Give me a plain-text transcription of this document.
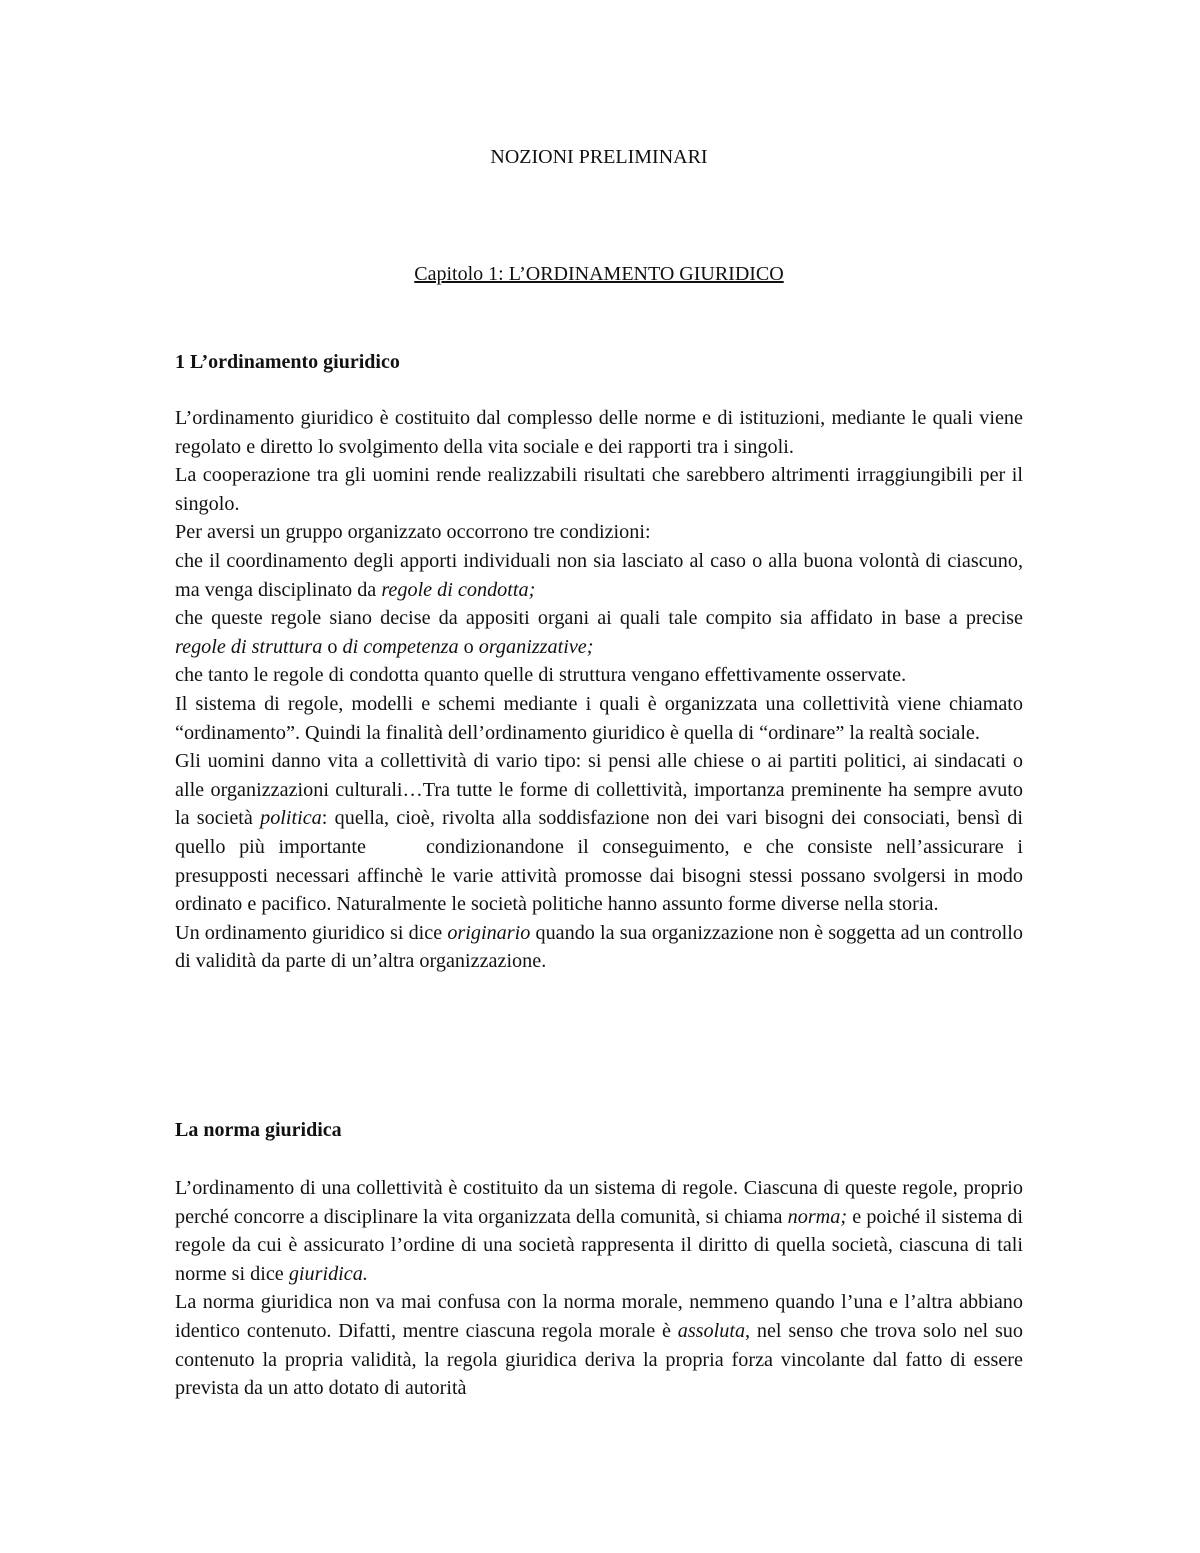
NOZIONI PRELIMINARI
Capitolo 1: L’ORDINAMENTO GIURIDICO
1 L’ordinamento giuridico

L’ordinamento giuridico è costituito dal complesso delle norme e di istituzioni, mediante le quali viene regolato e diretto lo svolgimento della vita sociale e dei rapporti tra i singoli.

La cooperazione tra gli uomini rende realizzabili risultati che sarebbero altrimenti irraggiungibili per il singolo.

Per aversi un gruppo organizzato occorrono tre condizioni:

che il coordinamento degli apporti individuali non sia lasciato al caso o alla buona volontà di ciascuno, ma venga disciplinato da regole di condotta;

che queste regole siano decise da appositi organi ai quali tale compito sia affidato in base a precise regole di struttura o di competenza o organizzative;

che tanto le regole di condotta quanto quelle di struttura vengano effettivamente osservate.

Il sistema di regole, modelli e schemi mediante i quali è organizzata una collettività viene chiamato “ordinamento”. Quindi la finalità dell’ordinamento giuridico è quella di “ordinare” la realtà sociale.

Gli uomini danno vita a collettività di vario tipo: si pensi alle chiese o ai partiti politici, ai sindacati o alle organizzazioni culturali…Tra tutte le forme di collettività, importanza preminente ha sempre avuto la società politica: quella, cioè, rivolta alla soddisfazione non dei vari bisogni dei consociati, bensì di quello più importante	condizionandone il conseguimento, e che consiste nell’assicurare i presupposti necessari affinchè le varie attività promosse dai bisogni stessi possano svolgersi in modo ordinato e pacifico. Naturalmente le società politiche hanno assunto forme diverse nella storia.

Un ordinamento giuridico si dice originario quando la sua organizzazione non è soggetta ad un controllo di validità da parte di un’altra organizzazione.

La norma giuridica

L’ordinamento di una collettività è costituito da un sistema di regole. Ciascuna di queste regole, proprio perché concorre a disciplinare la vita organizzata della comunità, si chiama norma; e poiché il sistema di regole da cui è assicurato l’ordine di una società rappresenta il diritto di quella società, ciascuna di tali norme si dice giuridica.

La norma giuridica non va mai confusa con la norma morale, nemmeno quando l’una e l’altra abbiano identico contenuto. Difatti, mentre ciascuna regola morale è assoluta, nel senso che trova solo nel suo contenuto la propria validità, la regola giuridica deriva la propria forza vincolante dal fatto di essere prevista da un atto dotato di autorità
